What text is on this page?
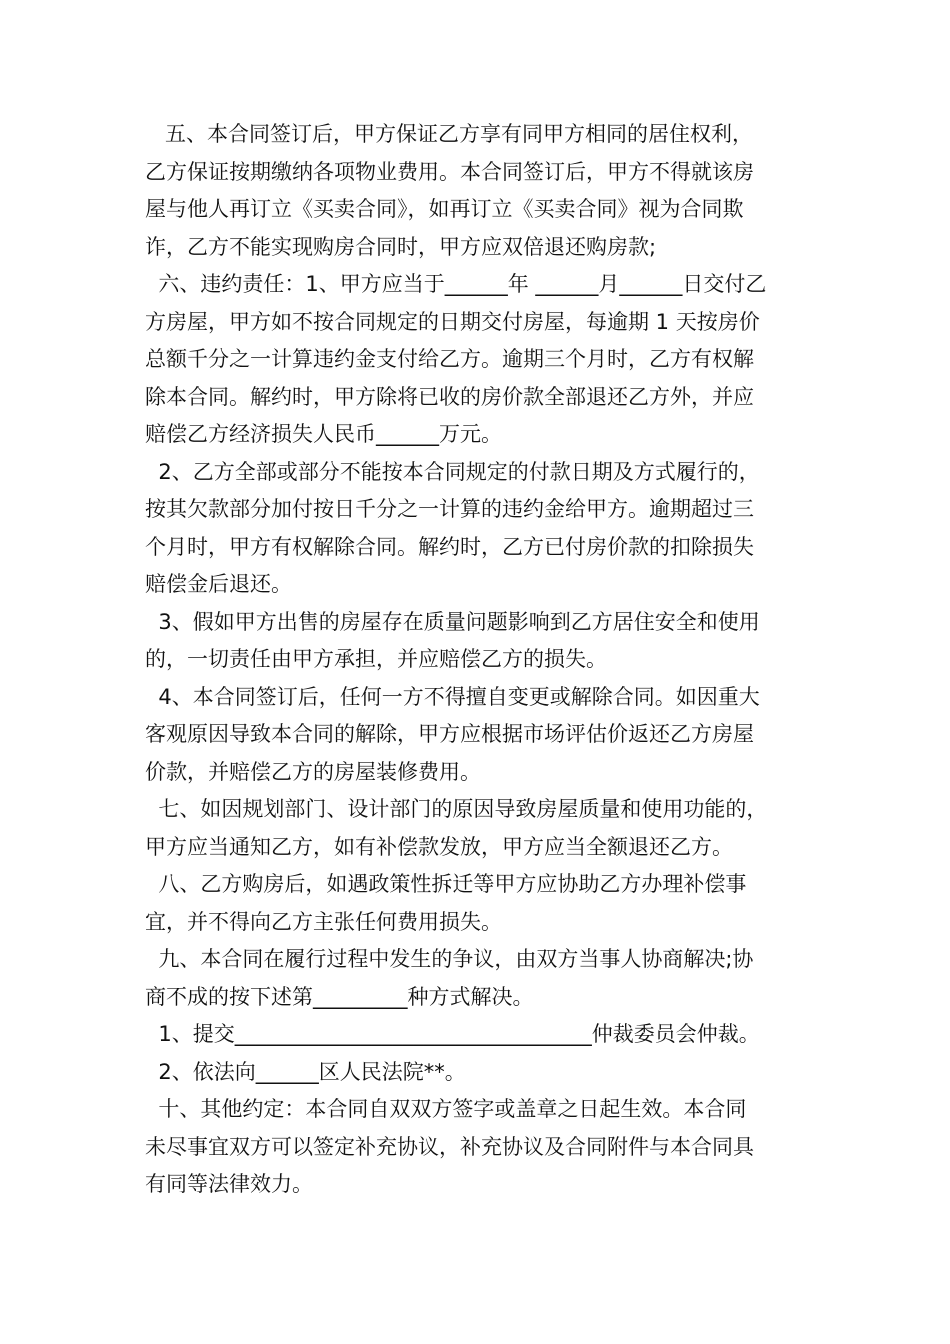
五、本合同签订后，甲方保证乙方享有同甲方相同的居住权利，
乙方保证按期缴纳各项物业费用。本合同签订后，甲方不得就该房
屋与他人再订立《买卖合同》，如再订立《买卖合同》视为合同欺
诈，乙方不能实现购房合同时，甲方应双倍退还购房款;
六、违约责任：1、甲方应当于______年 ______月______日交付乙
方房屋，甲方如不按合同规定的日期交付房屋，每逾期 1 天按房价
总额千分之一计算违约金支付给乙方。逾期三个月时，乙方有权解
除本合同。解约时，甲方除将已收的房价款全部退还乙方外，并应
赔偿乙方经济损失人民币______万元。
2、乙方全部或部分不能按本合同规定的付款日期及方式履行的，
按其欠款部分加付按日千分之一计算的违约金给甲方。逾期超过三
个月时，甲方有权解除合同。解约时，乙方已付房价款的扣除损失
赔偿金后退还。
3、假如甲方出售的房屋存在质量问题影响到乙方居住安全和使用
的，一切责任由甲方承担，并应赔偿乙方的损失。
4、本合同签订后，任何一方不得擅自变更或解除合同。如因重大
客观原因导致本合同的解除，甲方应根据市场评估价返还乙方房屋
价款，并赔偿乙方的房屋装修费用。
七、如因规划部门、设计部门的原因导致房屋质量和使用功能的，
甲方应当通知乙方，如有补偿款发放，甲方应当全额退还乙方。
八、乙方购房后，如遇政策性拆迁等甲方应协助乙方办理补偿事
宜，并不得向乙方主张任何费用损失。
九、本合同在履行过程中发生的争议，由双方当事人协商解决;协
商不成的按下述第_________种方式解决。
1、提交__________________________________仲裁委员会仲裁。
2、依法向______区人民法院**。
十、其他约定：本合同自双双方签字或盖章之日起生效。本合同
未尽事宜双方可以签定补充协议，补充协议及合同附件与本合同具
有同等法律效力。
